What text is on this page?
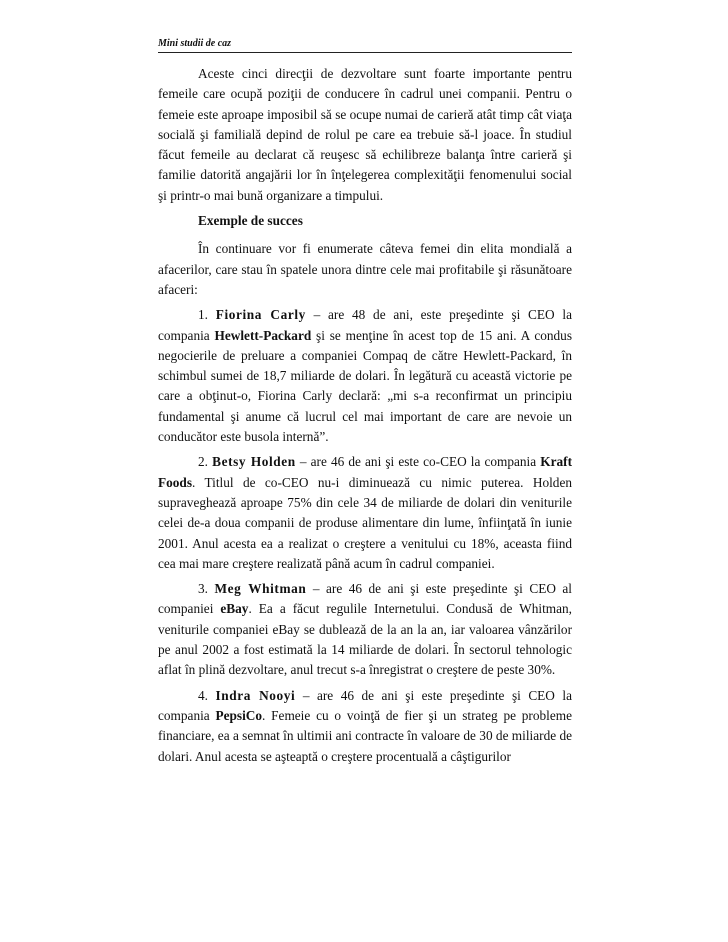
Mini studii de caz

Aceste cinci direcţii de dezvoltare sunt foarte importante pentru femeile care ocupă poziţii de conducere în cadrul unei companii. Pentru o femeie este aproape imposibil să se ocupe numai de carieră atât timp cât viaţa socială şi familială depind de rolul pe care ea trebuie să-l joace. În studiul făcut femeile au declarat că reuşesc să echilibreze balanţa între carieră şi familie datorită angajării lor în înţelegerea complexităţii fenomenului social şi printr-o mai bună organizare a timpului.

Exemple de succes

În continuare vor fi enumerate câteva femei din elita mondială a afacerilor, care stau în spatele unora dintre cele mai profitabile şi răsunătoare afaceri:

1. Fiorina Carly – are 48 de ani, este preşedinte şi CEO la compania Hewlett-Packard şi se menţine în acest top de 15 ani. A condus negocierile de preluare a companiei Compaq de către Hewlett-Packard, în schimbul sumei de 18,7 miliarde de dolari. În legătură cu această victorie pe care a obţinut-o, Fiorina Carly declară: „mi s-a reconfirmat un principiu fundamental şi anume că lucrul cel mai important de care are nevoie un conducător este busola internă”.

2. Betsy Holden – are 46 de ani şi este co-CEO la compania Kraft Foods. Titlul de co-CEO nu-i diminuează cu nimic puterea. Holden supraveghează aproape 75% din cele 34 de miliarde de dolari din veniturile celei de-a doua companii de produse alimentare din lume, înfiinţată în iunie 2001. Anul acesta ea a realizat o creştere a venitului cu 18%, aceasta fiind cea mai mare creştere realizată până acum în cadrul companiei.

3. Meg Whitman – are 46 de ani şi este preşedinte şi CEO al companiei eBay. Ea a făcut regulile Internetului. Condusă de Whitman, veniturile companiei eBay se dublează de la an la an, iar valoarea vânzărilor pe anul 2002 a fost estimată la 14 miliarde de dolari. În sectorul tehnologic aflat în plină dezvoltare, anul trecut s-a înregistrat o creştere de peste 30%.

4. Indra Nooyi – are 46 de ani şi este preşedinte şi CEO la compania PepsiCo. Femeie cu o voinţă de fier şi un strateg pe probleme financiare, ea a semnat în ultimii ani contracte în valoare de 30 de miliarde de dolari. Anul acesta se aşteaptă o creştere procentuală a câştigurilor
